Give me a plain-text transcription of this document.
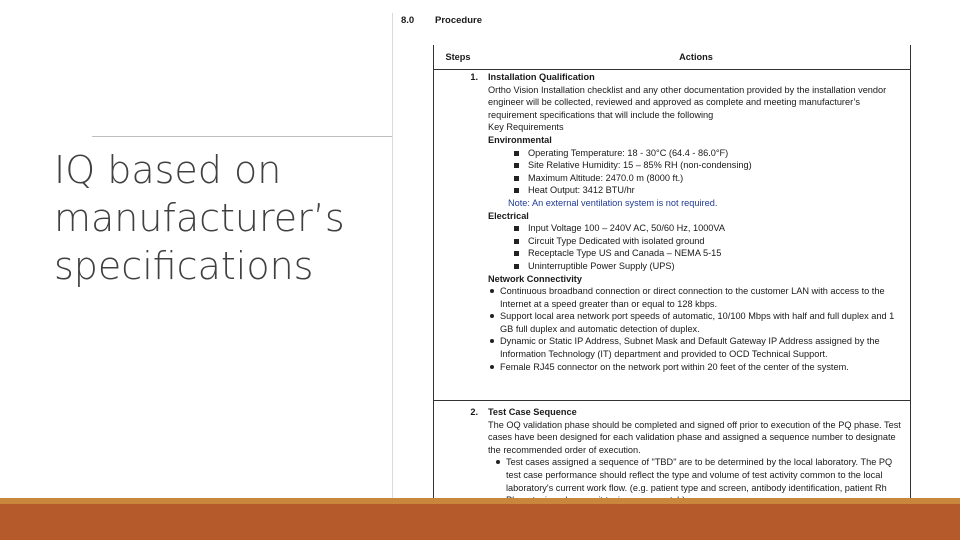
IQ based on
manufacturer’s
specifications
8.0 Procedure
Steps	Actions
1.	Installation Qualification
Ortho Vision Installation checklist and any other documentation provided by the installation vendor engineer will be collected, reviewed and approved as complete and meeting manufacturer’s requirement specifications that will include the following
Key Requirements
Environmental
Operating Temperature: 18 - 30°C (64.4 - 86.0°F)
Site Relative Humidity: 15 – 85% RH (non-condensing)
Maximum Altitude: 2470.0 m (8000 ft.)
Heat Output: 3412 BTU/hr
Note: An external ventilation system is not required.
Electrical
Input Voltage 100 – 240V AC, 50/60 Hz, 1000VA
Circuit Type Dedicated with isolated ground
Receptacle Type US and Canada – NEMA 5-15
Uninterruptible Power Supply (UPS)
Network Connectivity
Continuous broadband connection or direct connection to the customer LAN with access to the Internet at a speed greater than or equal to 128 kbps.
Support local area network port speeds of automatic, 10/100 Mbps with half and full duplex and 1 GB full duplex and automatic detection of duplex.
Dynamic or Static IP Address, Subnet Mask and Default Gateway IP Address assigned by the Information Technology (IT) department and provided to OCD Technical Support.
Female RJ45 connector on the network port within 20 feet of the center of the system.
2.	Test Case Sequence
The OQ validation phase should be completed and signed off prior to execution of the PQ phase. Test cases have been designed for each validation phase and assigned a sequence number to designate the recommended order of execution.
Test cases assigned a sequence of "TBD" are to be determined by the local laboratory. The PQ test case performance should reflect the type and volume of test activity common to the local laboratory's current work flow. (e.g. patient type and screen, antibody identification, patient Rh
